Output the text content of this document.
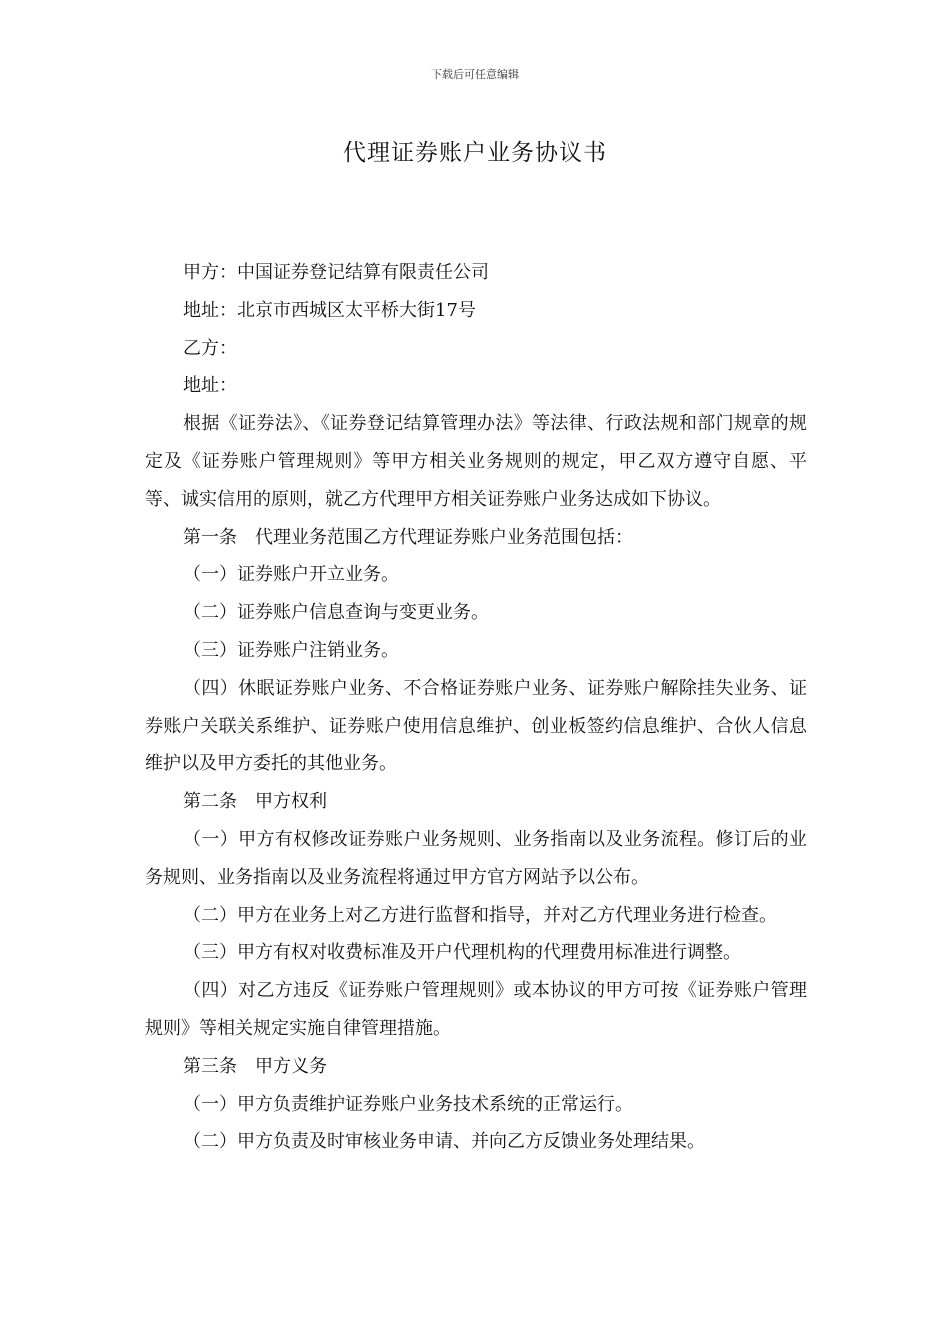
下载后可任意编辑
代理证券账户业务协议书

甲方：中国证券登记结算有限责任公司

地址：北京市西城区太平桥大街17号

乙方：

地址：

根据《证券法》、《证券登记结算管理办法》等法律、行政法规和部门规章的规定及《证券账户管理规则》等甲方相关业务规则的规定，甲乙双方遵守自愿、平等、诚实信用的原则，就乙方代理甲方相关证券账户业务达成如下协议。

第一条　代理业务范围乙方代理证券账户业务范围包括：

（一）证券账户开立业务。

（二）证券账户信息查询与变更业务。

（三）证券账户注销业务。

（四）休眠证券账户业务、不合格证券账户业务、证券账户解除挂失业务、证券账户关联关系维护、证券账户使用信息维护、创业板签约信息维护、合伙人信息维护以及甲方委托的其他业务。

第二条　甲方权利

（一）甲方有权修改证券账户业务规则、业务指南以及业务流程。修订后的业务规则、业务指南以及业务流程将通过甲方官方网站予以公布。

（二）甲方在业务上对乙方进行监督和指导，并对乙方代理业务进行检查。

（三）甲方有权对收费标准及开户代理机构的代理费用标准进行调整。

（四）对乙方违反《证券账户管理规则》或本协议的甲方可按《证券账户管理规则》等相关规定实施自律管理措施。

第三条　甲方义务

（一）甲方负责维护证券账户业务技术系统的正常运行。

（二）甲方负责及时审核业务申请、并向乙方反馈业务处理结果。
